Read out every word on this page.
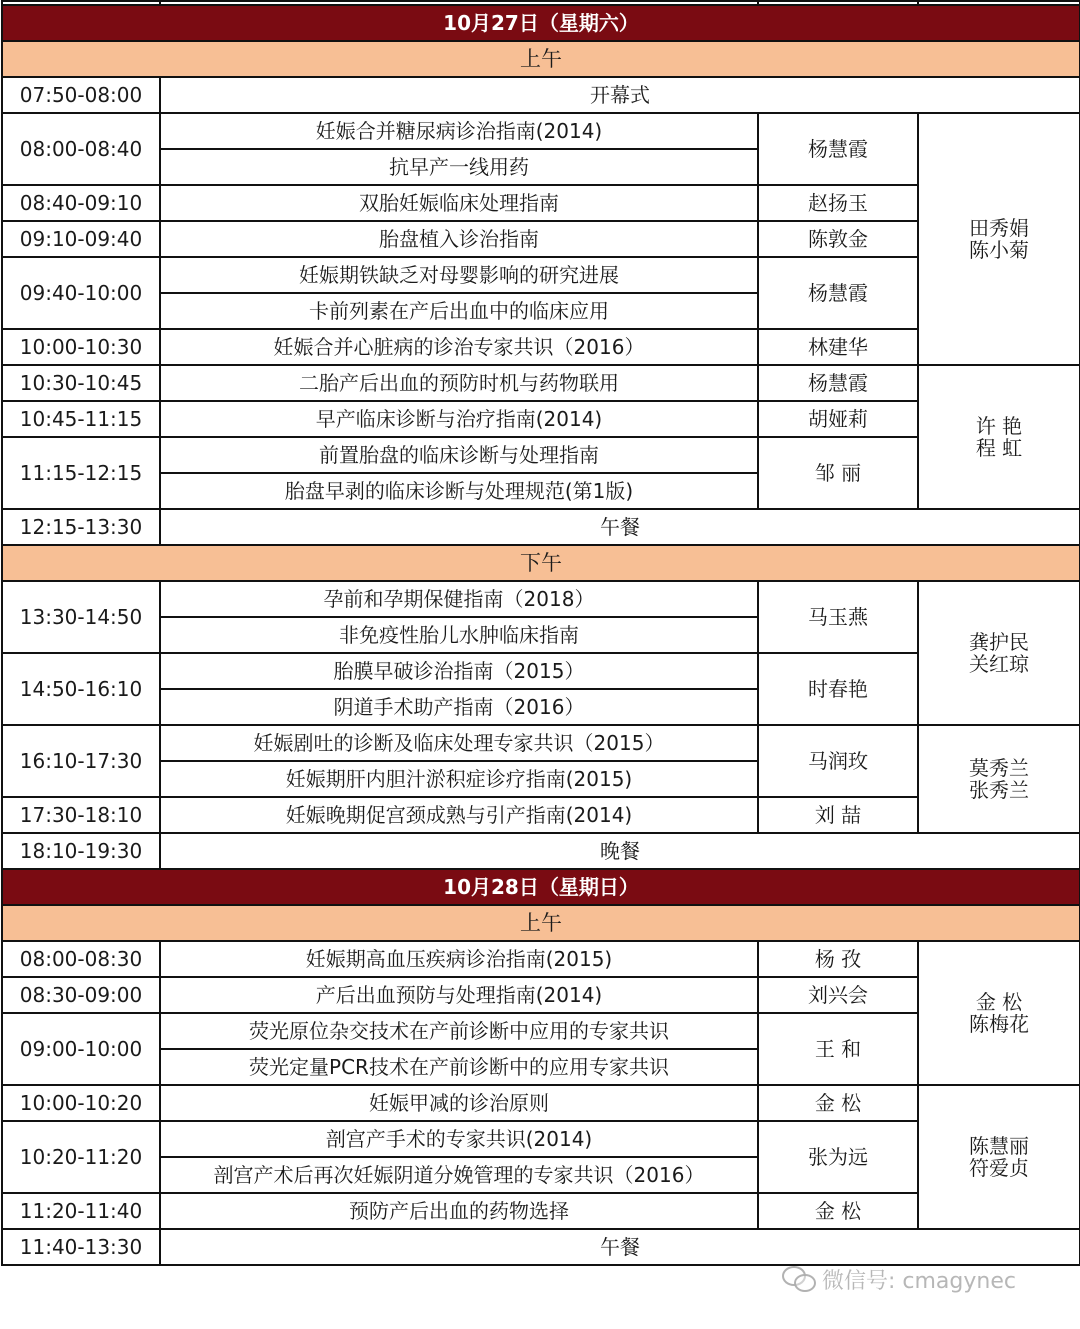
10月27日（星期六）			
上午			
07:50-08:00	开幕式		
08:00-08:40	妊娠合并糖尿病诊治指南(2014)	杨慧霞	田秀娟
陈小菊

	抗早产一线用药		
08:40-09:10	双胎妊娠临床处理指南	赵扬玉	
09:10-09:40	胎盘植入诊治指南	陈敦金	
09:40-10:00	妊娠期铁缺乏对母婴影响的研究进展	杨慧霞	
	卡前列素在产后出血中的临床应用		
10:00-10:30	妊娠合并心脏病的诊治专家共识（2016）	林建华	
10:30-10:45	二胎产后出血的预防时机与药物联用	杨慧霞	许 艳
程 虹

10:45-11:15	早产临床诊断与治疗指南(2014)	胡娅莉	
11:15-12:15	前置胎盘的临床诊断与处理指南	邹 丽	
	胎盘早剥的临床诊断与处理规范(第1版)		
12:15-13:30	午餐		
下午			
13:30-14:50	孕前和孕期保健指南（2018）	马玉燕	龚护民
关红琼

	非免疫性胎儿水肿临床指南		
14:50-16:10	胎膜早破诊治指南（2015）	时春艳	
	阴道手术助产指南（2016）		
16:10-17:30	妊娠剧吐的诊断及临床处理专家共识（2015）	马润玫	莫秀兰
张秀兰

	妊娠期肝内胆汁淤积症诊疗指南(2015)		
17:30-18:10	妊娠晚期促宫颈成熟与引产指南(2014)	刘 喆	
18:10-19:30	晚餐		
10月28日（星期日）			
上午			
08:00-08:30	妊娠期高血压疾病诊治指南(2015)	杨 孜	金 松
陈梅花

08:30-09:00	产后出血预防与处理指南(2014)	刘兴会	
09:00-10:00	荧光原位杂交技术在产前诊断中应用的专家共识	王 和	
	荧光定量PCR技术在产前诊断中的应用专家共识		
10:00-10:20	妊娠甲减的诊治原则	金 松	陈慧丽
符爱贞

10:20-11:20	剖宫产手术的专家共识(2014)	张为远	
	剖宫产术后再次妊娠阴道分娩管理的专家共识（2016）		
11:20-11:40	预防产后出血的药物选择	金 松	
11:40-13:30	午餐		
微信号: cmagynec
